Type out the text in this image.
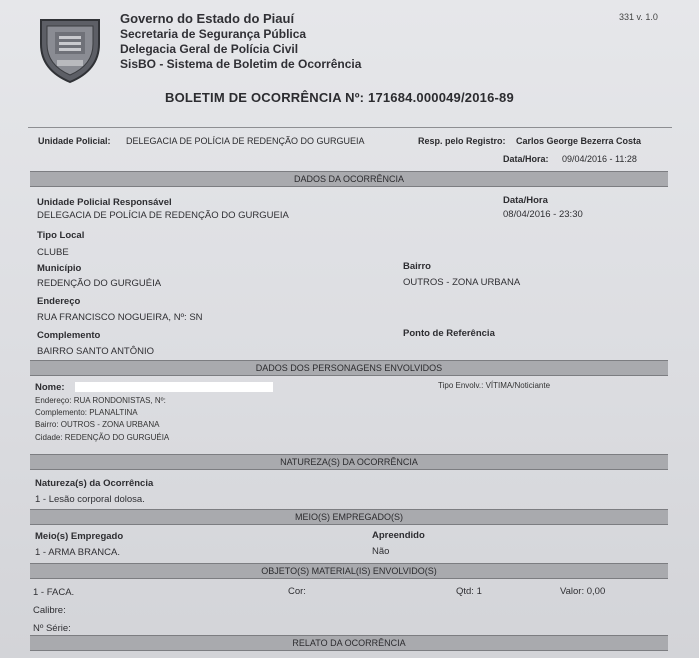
Governo do Estado do Piauí
Secretaria de Segurança Pública
Delegacia Geral de Polícia Civil
SisBO - Sistema de Boletim de Ocorrência
331 v. 1.0
BOLETIM DE OCORRÊNCIA Nº: 171684.000049/2016-89
Unidade Policial: DELEGACIA DE POLÍCIA DE REDENÇÃO DO GURGUEIA	Resp. pelo Registro: Carlos George Bezerra Costa
Data/Hora: 09/04/2016 - 11:28
DADOS DA OCORRÊNCIA
Unidade Policial Responsável
DELEGACIA DE POLÍCIA DE REDENÇÃO DO GURGUEIA
Data/Hora
08/04/2016 - 23:30
Tipo Local
CLUBE
Município
REDENÇÃO DO GURGUÉIA
Bairro
OUTROS - ZONA URBANA
Endereço
RUA FRANCISCO NOGUEIRA, Nº: SN
Complemento
BAIRRO SANTO ANTÔNIO
Ponto de Referência
DADOS DOS PERSONAGENS ENVOLVIDOS
Nome:	Tipo Envolv.: VÍTIMA/Noticiante
Endereço: RUA RONDONISTAS, Nº:
Complemento: PLANALTINA
Bairro: OUTROS - ZONA URBANA
Cidade: REDENÇÃO DO GURGUÉIA
NATUREZA(S) DA OCORRÊNCIA
Natureza(s) da Ocorrência
1 - Lesão corporal dolosa.
MEIO(S) EMPREGADO(S)
Meio(s) Empregado
1 - ARMA BRANCA.
Apreendido
Não
OBJETO(S) MATERIAL(IS) ENVOLVIDO(S)
1 - FACA.	Cor:	Qtd: 1	Valor: 0,00
Calibre:
Nº Série:
RELATO DA OCORRÊNCIA
